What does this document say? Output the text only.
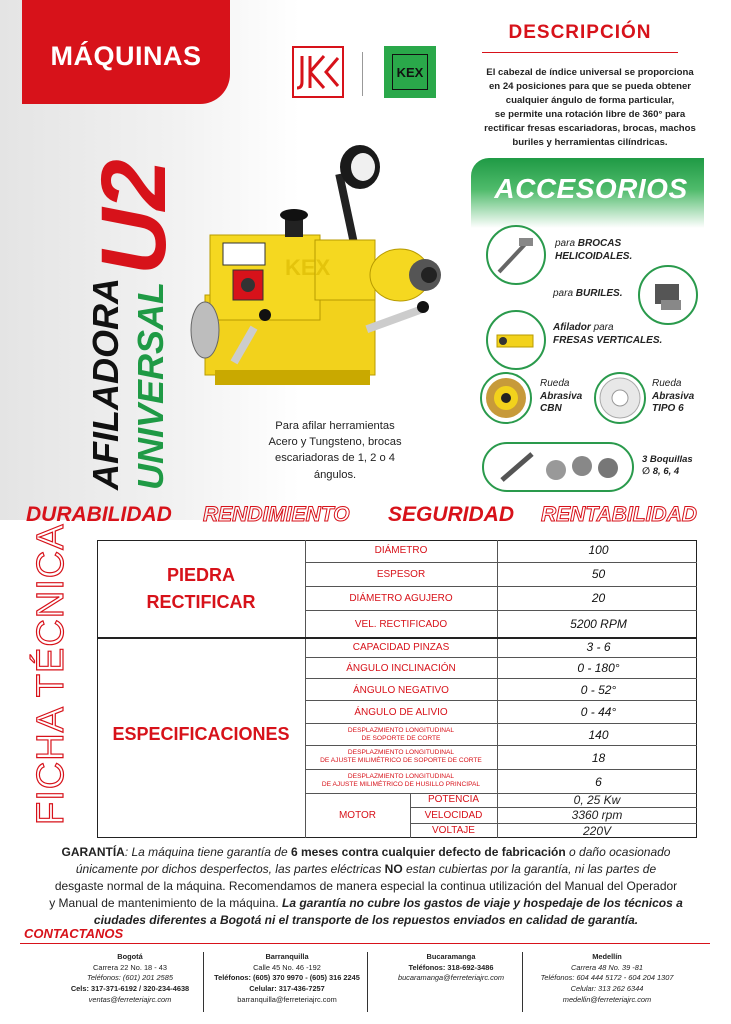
MÁQUINAS
KEX
DESCRIPCIÓN
El cabezal de índice universal se proporciona
en 24 posiciones para que se pueda obtener
cualquier ángulo de forma particular,
se permite una rotación libre de 360° para
rectificar fresas escariadoras, brocas, machos
buriles y herramientas cilíndricas.
U2
AFILADORA UNIVERSAL
KEX
Para afilar herramientas
Acero y Tungsteno, brocas
escariadoras de 1, 2 o 4
ángulos.
ACCESORIOS
para BROCAS
HELICOIDALES.
para BURILES.
Afilador para
FRESAS VERTICALES.
Rueda
Abrasiva
CBN
Rueda
Abrasiva
TIPO 6
3 Boquillas
∅ 8, 6, 4
DURABILIDAD RENDIMIENTO SEGURIDAD RENTABILIDAD
FICHA TÉCNICA	PIEDRA
RECTIFICAR
ESPECIFICACIONES
DIÁMETRO	100
ESPESOR	50
DIÁMETRO AGUJERO	20
VEL. RECTIFICADO	5200 RPM
CAPACIDAD PINZAS	3 - 6
ÁNGULO INCLINACIÓN	0 - 180°
ÁNGULO NEGATIVO	0 - 52°
ÁNGULO DE ALIVIO	0 - 44°
DESPLAZMIENTO LONGITUDINAL
DE SOPORTE DE CORTE	140
DESPLAZMIENTO LONGITUDINAL
DE AJUSTE MILIMÉTRICO DE SOPORTE DE CORTE	18
DESPLAZMIENTO LONGITUDINAL
DE AJUSTE MILIMÉTRICO DE HUSILLO PRINCIPAL	6
MOTOR
POTENCIA	0, 25 Kw
VELOCIDAD	3360 rpm
VOLTAJE	220V
GARANTÍA: La máquina tiene garantía de 6 meses contra cualquier defecto de fabricación o daño ocasionado
únicamente por dichos desperfectos, las partes eléctricas NO estan cubiertas por la garantía, ni las partes de
desgaste normal de la máquina. Recomendamos de manera especial la continua utilización del Manual del Operador
y Manual de mantenimiento de la máquina. La garantía no cubre los gastos de viaje y hospedaje de los técnicos a
ciudades diferentes a Bogotá ni el transporte de los repuestos enviados en calidad de garantía.
CONTACTANOS
Bogotá
Carrera 22 No. 18 - 43
Teléfonos: (601) 201 2585
Cels: 317-371-6192 / 320-234-4638
ventas@ferreteriajrc.com
Barranquilla
Calle 45 No. 46 -192
Teléfonos: (605) 370 9970 - (605) 316 2245
Celular: 317-436-7257
barranquilla@ferreteriajrc.com
Bucaramanga
Teléfonos: 318-692-3486
bucaramanga@ferreteriajrc.com
Medellín
Carrera 48 No. 39 -81
Teléfonos: 604 444 5172 - 604 204 1307
Celular: 313 262 6344
medellin@ferreteriajrc.com
